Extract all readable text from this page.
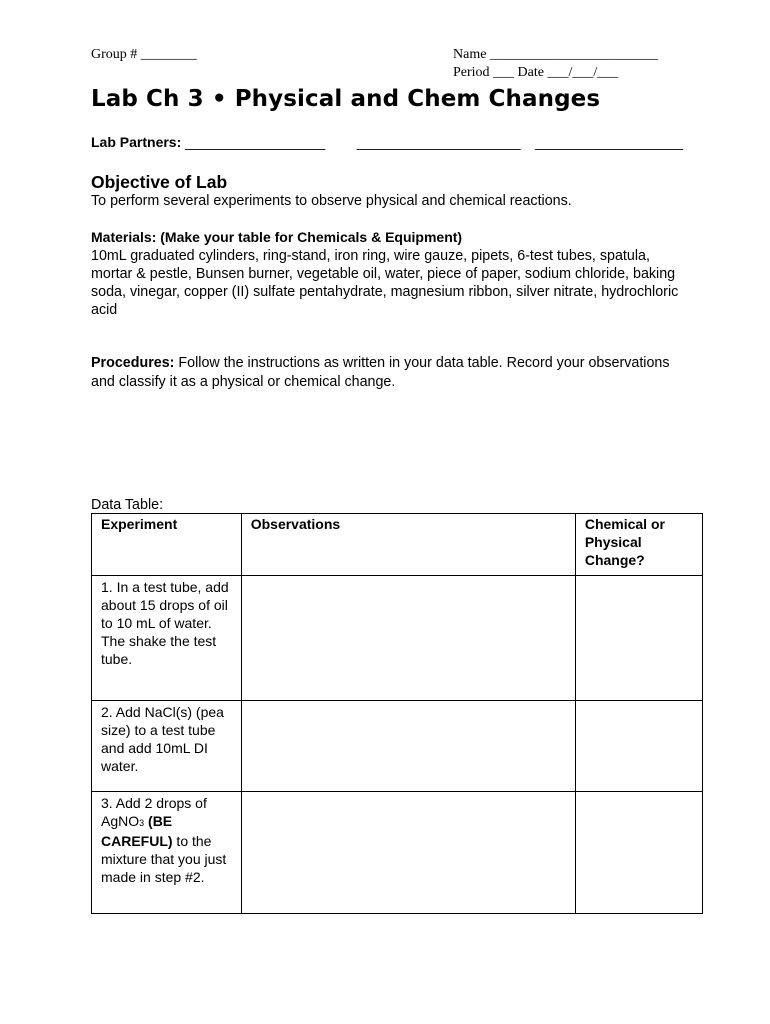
Group # ________	Name ________________________
Period ___ Date ___/___/___
Lab Ch 3 • Physical and Chem Changes
Lab Partners: __________________ _____________________ ___________________
Objective of Lab
To perform several experiments to observe physical and chemical reactions.
Materials: (Make your table for Chemicals & Equipment)
10mL graduated cylinders, ring-stand, iron ring, wire gauze, pipets, 6-test tubes, spatula, mortar & pestle, Bunsen burner, vegetable oil, water, piece of paper, sodium chloride, baking soda, vinegar, copper (II) sulfate pentahydrate, magnesium ribbon, silver nitrate, hydrochloric acid
Procedures: Follow the instructions as written in your data table. Record your observations and classify it as a physical or chemical change.
Data Table:
Experiment	Observations	Chemical or Physical Change?
1. In a test tube, add about 15 drops of oil to 10 mL of water. The shake the test tube.		
2. Add NaCl(s) (pea size) to a test tube and add 10mL DI water.		
3. Add 2 drops of AgNO3 (BE CAREFUL) to the mixture that you just made in step #2.		
